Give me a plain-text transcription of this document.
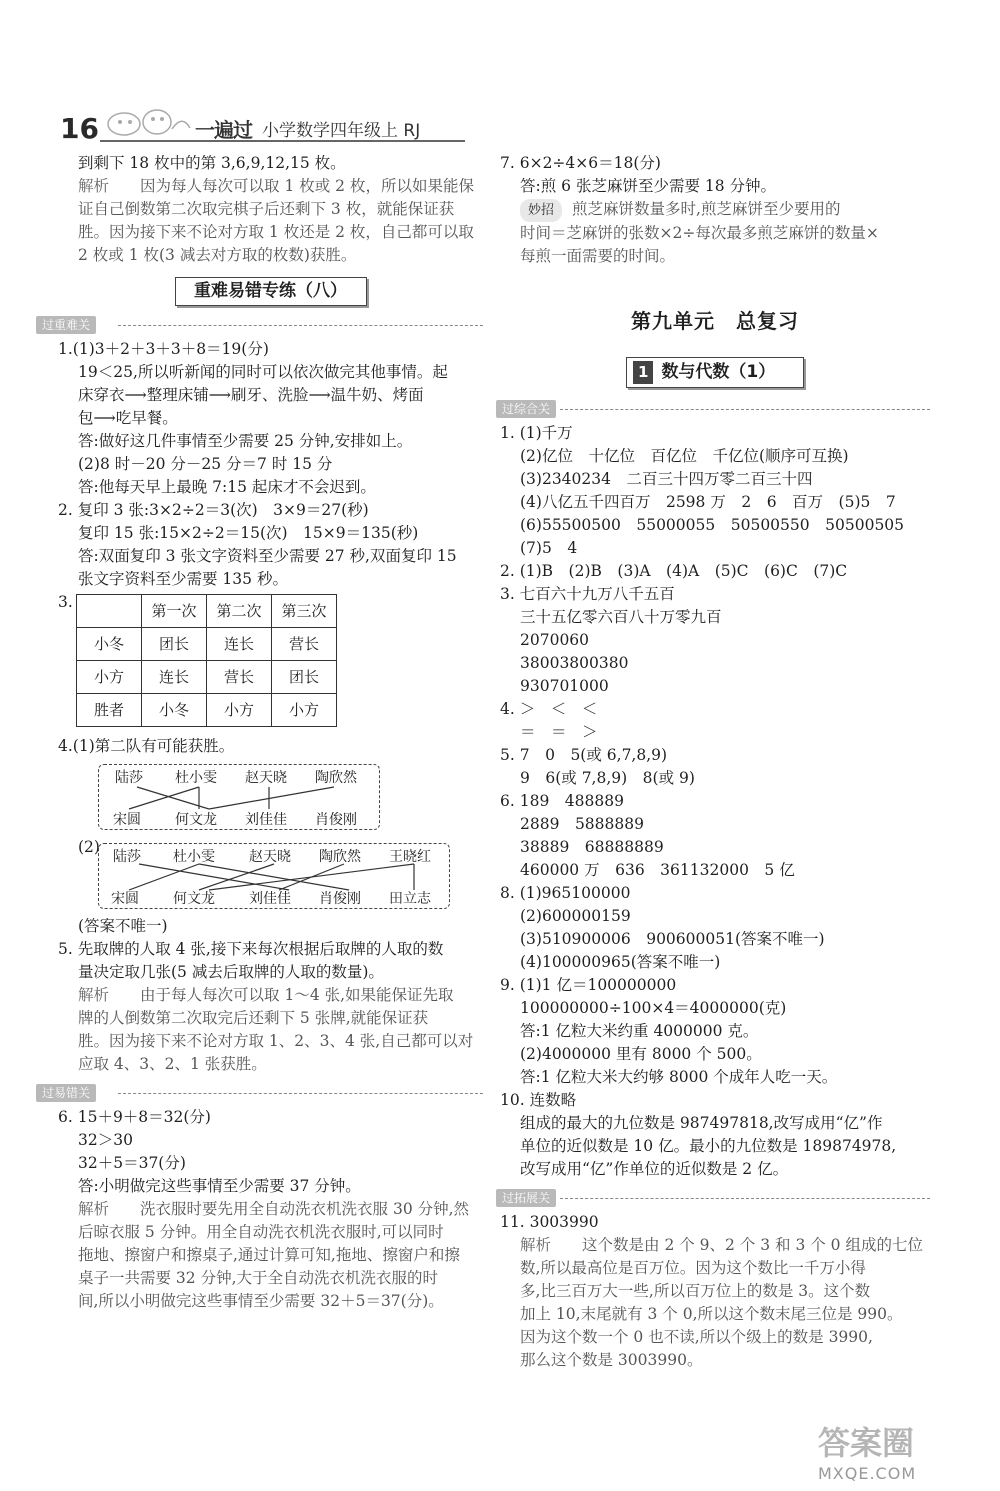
16	一遍过 小学数学四年级上 RJ
到剩下 18 枚中的第 3,6,9,12,15 枚。
解析　　 因为每人每次可以取 1 枚或 2 枚，所以如果能保
证自己倒数第二次取完棋子后还剩下 3 枚，就能保证获
胜。因为接下来不论对方取 1 枚还是 2 枚，自己都可以取
2 枚或 1 枚(3 减去对方取的枚数)获胜。
重难易错专练（八）
过重难关
1.(1)3＋2＋3＋3＋8＝19(分)
19＜25,所以听新闻的同时可以依次做完其他事情。起
床穿衣⟶整理床铺⟶刷牙、洗脸⟶温牛奶、烤面
包⟶吃早餐。
答:做好这几件事情至少需要 25 分钟,安排如上。
(2)8 时－20 分－25 分＝7 时 15 分
答:他每天早上最晚 7:15 起床才不会迟到。
2. 复印 3 张:3×2÷2＝3(次)　3×9＝27(秒)
复印 15 张:15×2÷2＝15(次)　15×9＝135(秒)
答:双面复印 3 张文字资料至少需要 27 秒,双面复印 15
张文字资料至少需要 135 秒。
3.
		第一次	第二次	第三次
小冬	团长	连长	营长
小方	连长	营长	团长
胜者	小冬	小方	小方
4.(1)第二队有可能获胜。
陆莎 杜小雯 赵天晓 陶欣然
宋圆 何文龙 刘佳佳 肖俊刚
(2)
陆莎 杜小雯 赵天晓 陶欣然 王晓红
宋圆 何文龙 刘佳佳 肖俊刚 田立志
(答案不唯一)
5. 先取牌的人取 4 张,接下来每次根据后取牌的人取的数
量决定取几张(5 减去后取牌的人取的数量)。
解析　　 由于每人每次可以取 1～4 张,如果能保证先取
牌的人倒数第二次取完后还剩下 5 张牌,就能保证获
胜。因为接下来不论对方取 1、2、3、4 张,自己都可以对
应取 4、3、2、1 张获胜。
过易错关
6. 15＋9＋8＝32(分)
32＞30
32＋5＝37(分)
答:小明做完这些事情至少需要 37 分钟。
解析　　 洗衣服时要先用全自动洗衣机洗衣服 30 分钟,然
后晾衣服 5 分钟。用全自动洗衣机洗衣服时,可以同时
拖地、擦窗户和擦桌子,通过计算可知,拖地、擦窗户和擦
桌子一共需要 32 分钟,大于全自动洗衣机洗衣服的时
间,所以小明做完这些事情至少需要 32＋5＝37(分)。
7. 6×2÷4×6＝18(分)
答:煎 6 张芝麻饼至少需要 18 分钟。
妙招 煎芝麻饼数量多时,煎芝麻饼至少要用的
时间＝芝麻饼的张数×2÷每次最多煎芝麻饼的数量×
每煎一面需要的时间。
第九单元　总复习
1 数与代数（1）
过综合关
1. (1)千万
(2)亿位　十亿位　百亿位　千亿位(顺序可互换)
(3)2340234　二百三十四万零二百三十四
(4)八亿五千四百万　2598 万　2　6　百万　(5)5　7
(6)55500500　55000055　50500550　50500505
(7)5　4
2. (1)B　(2)B　(3)A　(4)A　(5)C　(6)C　(7)C
3. 七百六十九万八千五百
三十五亿零六百八十万零九百
2070060
38003800380
930701000
4. ＞　＜　＜
＝　＝　＞
5. 7　0　5(或 6,7,8,9)
9　6(或 7,8,9)　8(或 9)
6. 189　488889
2889　5888889
38889　68888889
460000 万　636　361132000　5 亿
8. (1)965100000
(2)600000159
(3)510900006　900600051(答案不唯一)
(4)100000965(答案不唯一)
9. (1)1 亿＝100000000
100000000÷100×4＝4000000(克)
答:1 亿粒大米约重 4000000 克。
(2)4000000 里有 8000 个 500。
答:1 亿粒大米大约够 8000 个成年人吃一天。
10. 连数略
组成的最大的九位数是 987497818,改写成用“亿”作
单位的近似数是 10 亿。最小的九位数是 189874978,
改写成用“亿”作单位的近似数是 2 亿。
过拓展关
11. 3003990
解析　　 这个数是由 2 个 9、2 个 3 和 3 个 0 组成的七位
数,所以最高位是百万位。因为这个数比一千万小得
多,比三百万大一些,所以百万位上的数是 3。这个数
加上 10,末尾就有 3 个 0,所以这个数末尾三位是 990。
因为这个数一个 0 也不读,所以个级上的数是 3990,
那么这个数是 3003990。
答案圈
MXQE.COM
